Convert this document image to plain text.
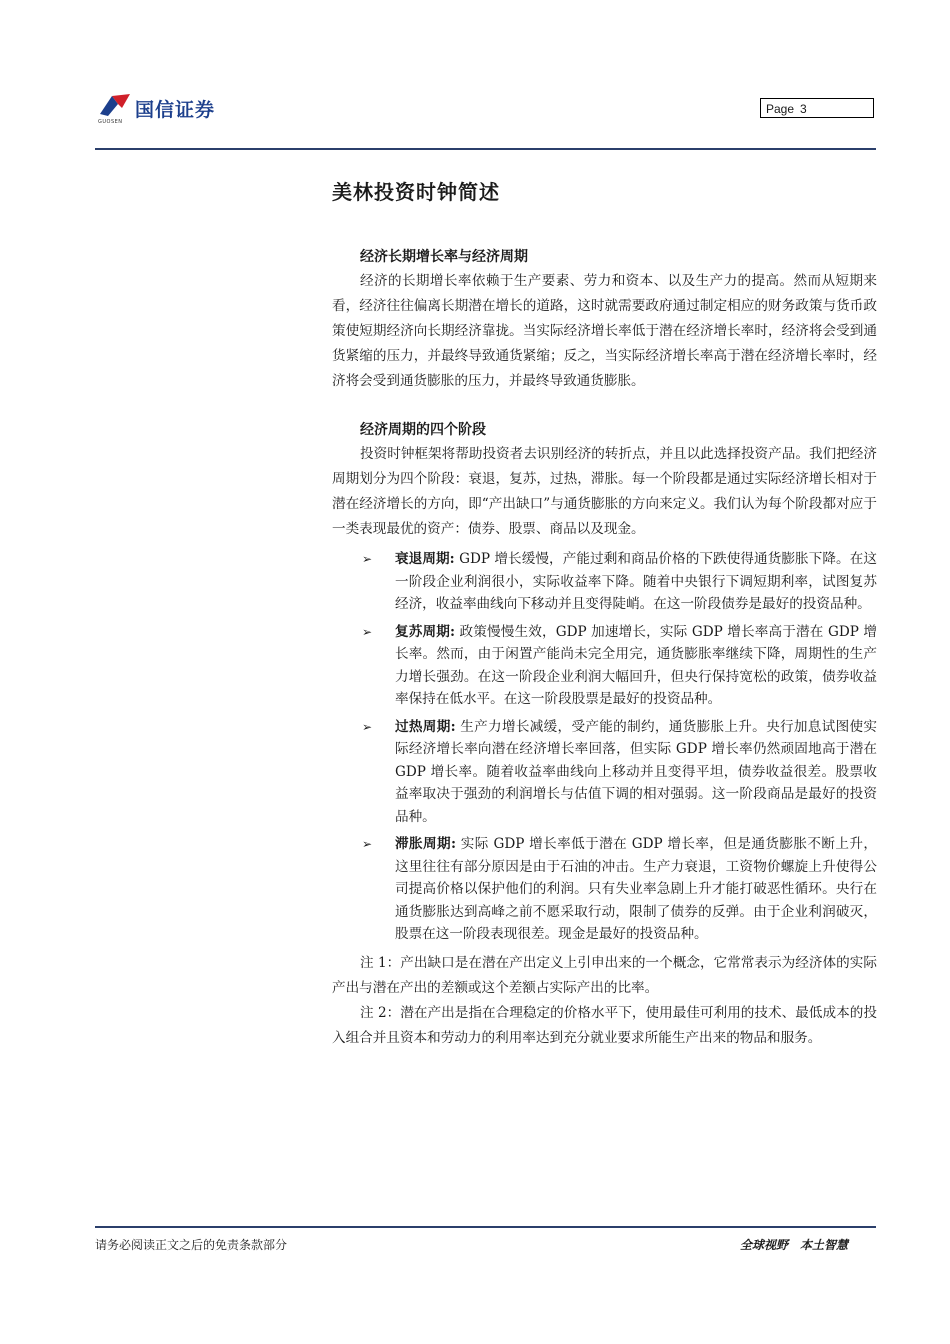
国信证券
GUOSEN
Page 3
美林投资时钟简述
经济长期增长率与经济周期

经济的长期增长率依赖于生产要素、劳力和资本、以及生产力的提高。然而从短期来看，经济往往偏离长期潜在增长的道路，这时就需要政府通过制定相应的财务政策与货币政策使短期经济向长期经济靠拢。当实际经济增长率低于潜在经济增长率时，经济将会受到通货紧缩的压力，并最终导致通货紧缩；反之，当实际经济增长率高于潜在经济增长率时，经济将会受到通货膨胀的压力，并最终导致通货膨胀。

经济周期的四个阶段

投资时钟框架将帮助投资者去识别经济的转折点，并且以此选择投资产品。我们把经济周期划分为四个阶段：衰退，复苏，过热，滞胀。每一个阶段都是通过实际经济增长相对于潜在经济增长的方向，即“产出缺口”与通货膨胀的方向来定义。我们认为每个阶段都对应于一类表现最优的资产：债券、股票、商品以及现金。

➢ 衰退周期: GDP 增长缓慢，产能过剩和商品价格的下跌使得通货膨胀下降。在这一阶段企业利润很小，实际收益率下降。随着中央银行下调短期利率，试图复苏经济，收益率曲线向下移动并且变得陡峭。在这一阶段债券是最好的投资品种。
➢ 复苏周期: 政策慢慢生效，GDP 加速增长，实际 GDP 增长率高于潜在 GDP 增长率。然而，由于闲置产能尚未完全用完，通货膨胀率继续下降，周期性的生产力增长强劲。在这一阶段企业利润大幅回升，但央行保持宽松的政策，债券收益率保持在低水平。在这一阶段股票是最好的投资品种。
➢ 过热周期: 生产力增长减缓，受产能的制约，通货膨胀上升。央行加息试图使实际经济增长率向潜在经济增长率回落，但实际 GDP 增长率仍然顽固地高于潜在 GDP 增长率。随着收益率曲线向上移动并且变得平坦，债券收益很差。股票收益率取决于强劲的利润增长与估值下调的相对强弱。这一阶段商品是最好的投资品种。
➢ 滞胀周期: 实际 GDP 增长率低于潜在 GDP 增长率，但是通货膨胀不断上升，这里往往有部分原因是由于石油的冲击。生产力衰退，工资物价螺旋上升使得公司提高价格以保护他们的利润。只有失业率急剧上升才能打破恶性循环。央行在通货膨胀达到高峰之前不愿采取行动，限制了债券的反弹。由于企业利润破灭，股票在这一阶段表现很差。现金是最好的投资品种。

注 1：产出缺口是在潜在产出定义上引申出来的一个概念，它常常表示为经济体的实际产出与潜在产出的差额或这个差额占实际产出的比率。

注 2：潜在产出是指在合理稳定的价格水平下，使用最佳可利用的技术、最低成本的投入组合并且资本和劳动力的利用率达到充分就业要求所能生产出来的物品和服务。

请务必阅读正文之后的免责条款部分	全球视野　本土智慧
